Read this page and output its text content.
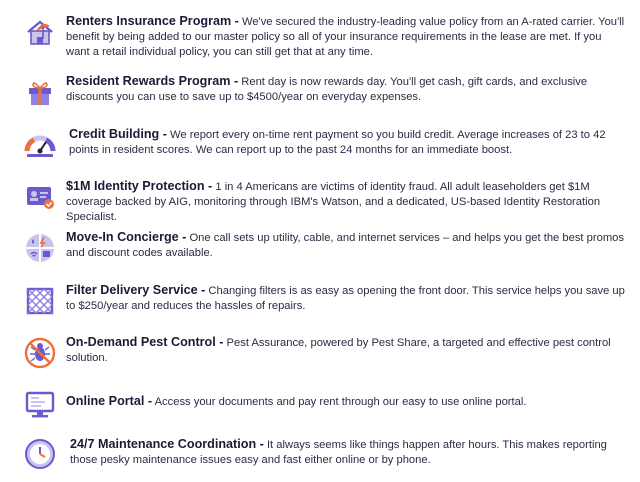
Renters Insurance Program - We've secured the industry-leading value policy from an A-rated carrier. You'll benefit by being added to our master policy so all of your insurance requirements in the lease are met. If you want a retail individual policy, you can still get that at any time.
Resident Rewards Program - Rent day is now rewards day. You'll get cash, gift cards, and exclusive discounts you can use to save up to $4500/year on everyday expenses.
Credit Building - We report every on-time rent payment so you build credit. Average increases of 23 to 42 points in resident scores. We can report up to the past 24 months for an immediate boost.
$1M Identity Protection - 1 in 4 Americans are victims of identity fraud. All adult leaseholders get $1M coverage backed by AIG, monitoring through IBM's Watson, and a dedicated, US-based Identity Restoration Specialist.
Move-In Concierge - One call sets up utility, cable, and internet services – and helps you get the best promos and discount codes available.
Filter Delivery Service - Changing filters is as easy as opening the front door. This service helps you save up to $250/year and reduces the hassles of repairs.
On-Demand Pest Control - Pest Assurance, powered by Pest Share, a targeted and effective pest control solution.
Online Portal - Access your documents and pay rent through our easy to use online portal.
24/7 Maintenance Coordination - It always seems like things happen after hours. This makes reporting those pesky maintenance issues easy and fast either online or by phone.
